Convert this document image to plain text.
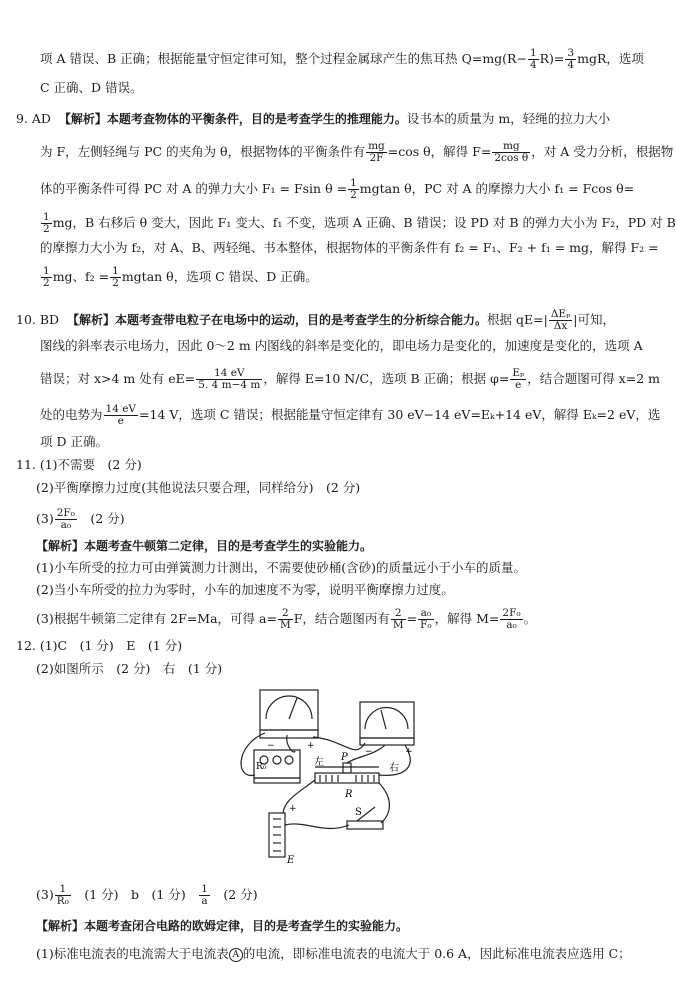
项 A 错误、B 正确；根据能量守恒定律可知，整个过程金属球产生的焦耳热 $Q=mg(R- \frac{1}{4} R)= \frac{3}{4}$ mgR，选项
C 正确、D 错误。
9. AD 【解析】本题考查物体的平衡条件，目的是考查学生的推理能力。设书本的质量为 m，轻绳的拉力大小
为 F，左侧轻绳与 PC 的夹角为 θ，根据物体的平衡条件有 $\frac{mg}{2F} =\cos$ θ，解得 $F= \frac{mg}{\text{2cos θ}}$ ，对 A 受力分析，根据物
体的平衡条件可得 PC 对 A 的弹力大小 F₁ = Fsin $\theta = \frac{1}{2}$ mgtan θ，PC 对 A 的摩擦力大小 f₁ = Fcos θ=
$\frac{1}{2}$ mg，B 右移后 θ 变大，因此 F₁ 变大、f₁ 不变，选项 A 正确、B 错误；设 PD 对 B 的弹力大小为 F₂，PD 对 B
的摩擦力大小为 f₂，对 A、B、两轻绳、书本整体，根据物体的平衡条件有 f₂ = F₁、F₂ + f₁ = mg，解得 F₂ =
$\frac{1}{2}$ mg、$f_2 = \frac{1}{2}$ mgtan θ，选项 C 错误、D 正确。
10. BD 【解析】本题考查带电粒子在电场中的运动，目的是考查学生的分析综合能力。根据 $qE=| \frac{\text{ΔEₚ}}{\Delta x}$ |可知，
图线的斜率表示电场力，因此 0～2 m 内图线的斜率是变化的，即电场力是变化的，加速度是变化的，选项 A
错误；对 x>4 m 处有 $eE= \frac{14 eV}{5. 4 m-4 m}$ ，解得 E=10 N/C，选项 B 正确；根据 $\varphi= \frac{\text{Eₚ}}{e}$ ，结合题图可得 x=2 m
处的电势为 $\frac{14 eV}{e} =14$ V，选项 C 错误；根据能量守恒定律有 30 eV−14 eV=Eₖ+14 eV，解得 Eₖ=2 eV，选
项 D 正确。
11. (1)不需要　(2 分)
(2)平衡摩擦力过度(其他说法只要合理，同样给分)　(2 分)
$(3) \frac{\text{2F₀}}{\text{a₀}}$ 　(2 分)
【解析】本题考查牛顿第二定律，目的是考查学生的实验能力。
(1)小车所受的拉力可由弹簧测力计测出，不需要使砂桶(含砂)的质量远小于小车的质量。
(2)当小车所受的拉力为零时，小车的加速度不为零，说明平衡摩擦力过度。
(3)根据牛顿第二定律有 2F=Ma，可得 $a= \frac{2}{M}$ F，结合题图丙有 $\frac{2}{M} = \frac{\text{a₀}}{\text{F₀}}$ ，解得 $M= \frac{\text{2F₀}}{\text{a₀}}$ 。
12. (1)C　(1 分)　E　(1 分)
(2)如图所示　(2 分)　右　(1 分)
R₀	左
右
P
R
S
E
−	+
−	+
+
$(3) \frac{1}{\text{R₀}}$ 　(1 分)　b　(1 分)　 $\frac{1}{a}$ 　(2 分)
【解析】本题考查闭合电路的欧姆定律，目的是考查学生的实验能力。
(1)标准电流表的电流需大于电流表 A 的电流，即标准电流表的电流大于 0.6 A，因此标准电流表应选用 C；
